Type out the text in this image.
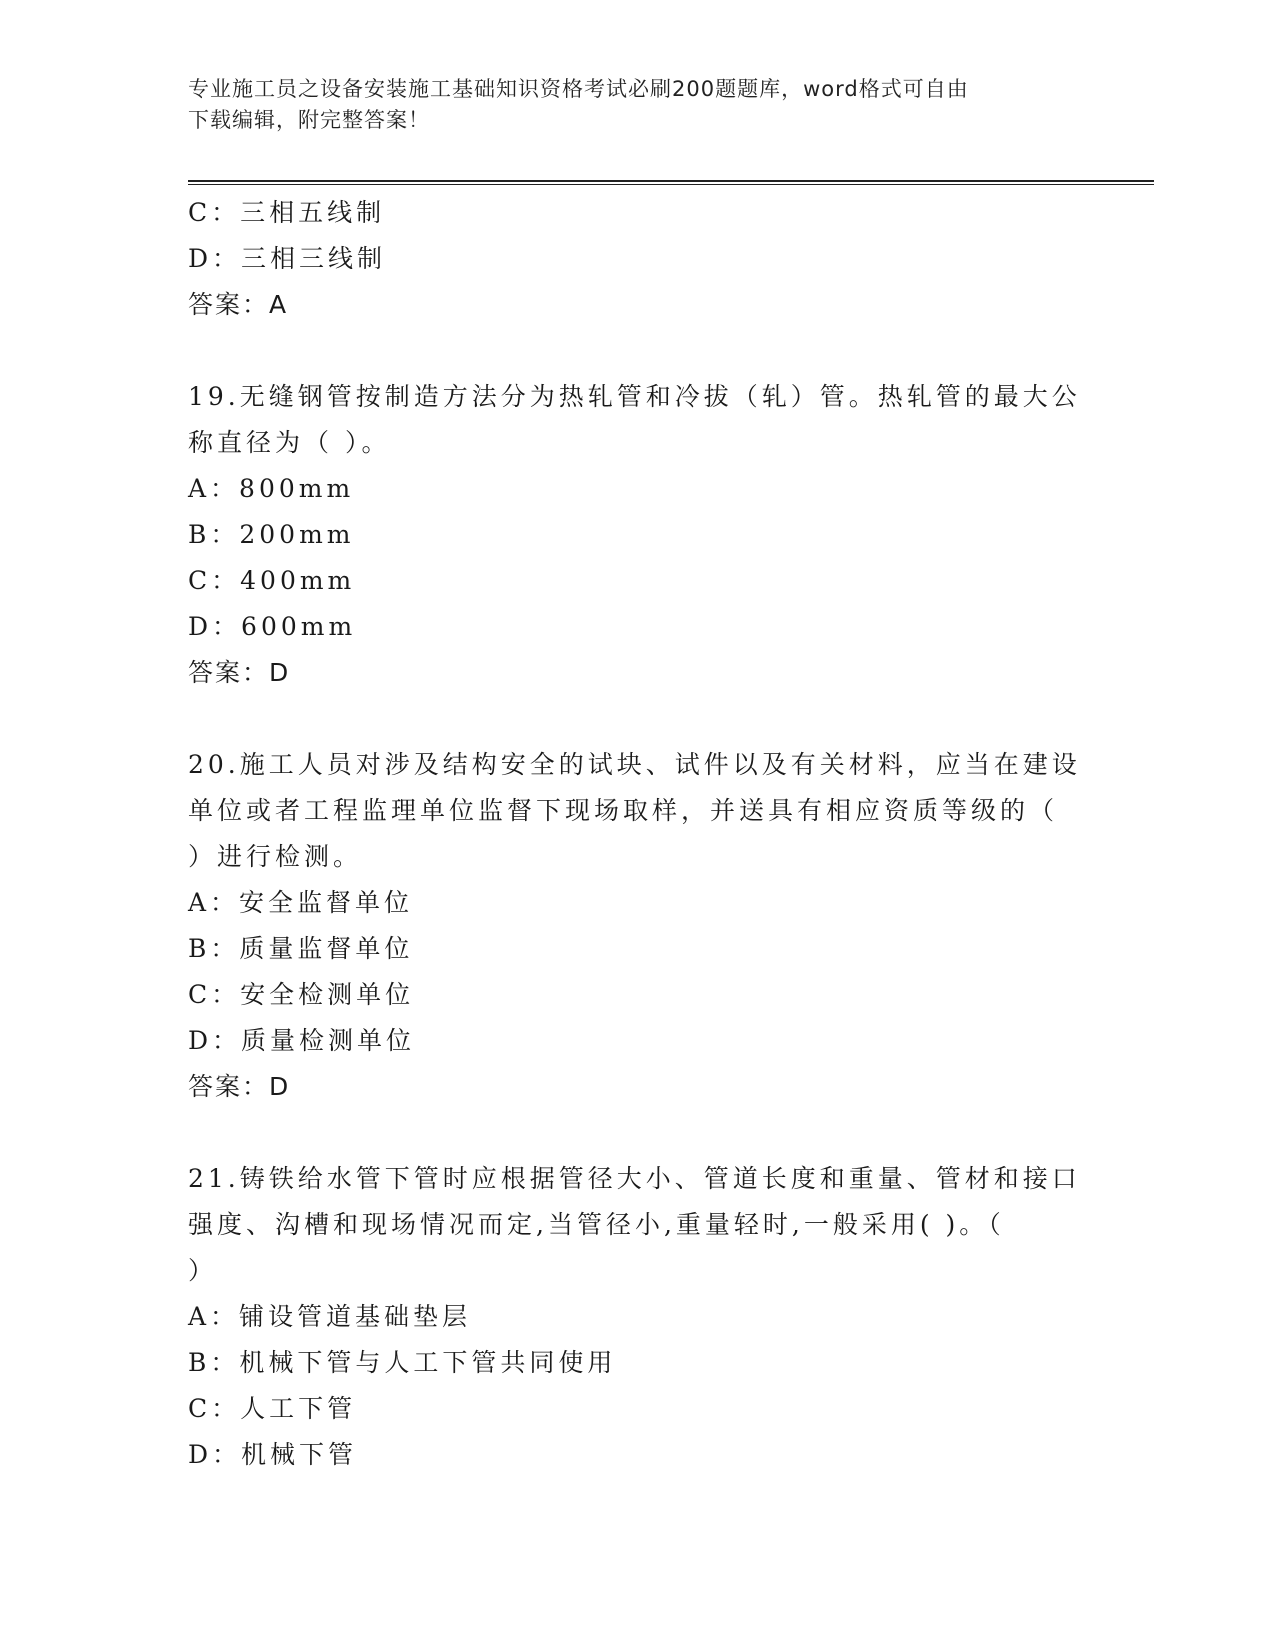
专业施工员之设备安装施工基础知识资格考试必刷200题题库，word格式可自由
下载编辑，附完整答案！
C：三相五线制
D：三相三线制
答案：A
19.无缝钢管按制造方法分为热轧管和冷拔（轧）管。热轧管的最大公
称直径为（ ）。
A：800mm
B：200mm
C：400mm
D：600mm
答案：D
20.施工人员对涉及结构安全的试块、试件以及有关材料，应当在建设
单位或者工程监理单位监督下现场取样，并送具有相应资质等级的（
）进行检测。
A：安全监督单位
B：质量监督单位
C：安全检测单位
D：质量检测单位
答案：D
21.铸铁给水管下管时应根据管径大小、管道长度和重量、管材和接口
强度、沟槽和现场情况而定,当管径小,重量轻时,一般采用( )。（
）
A：铺设管道基础垫层
B：机械下管与人工下管共同使用
C：人工下管
D：机械下管
